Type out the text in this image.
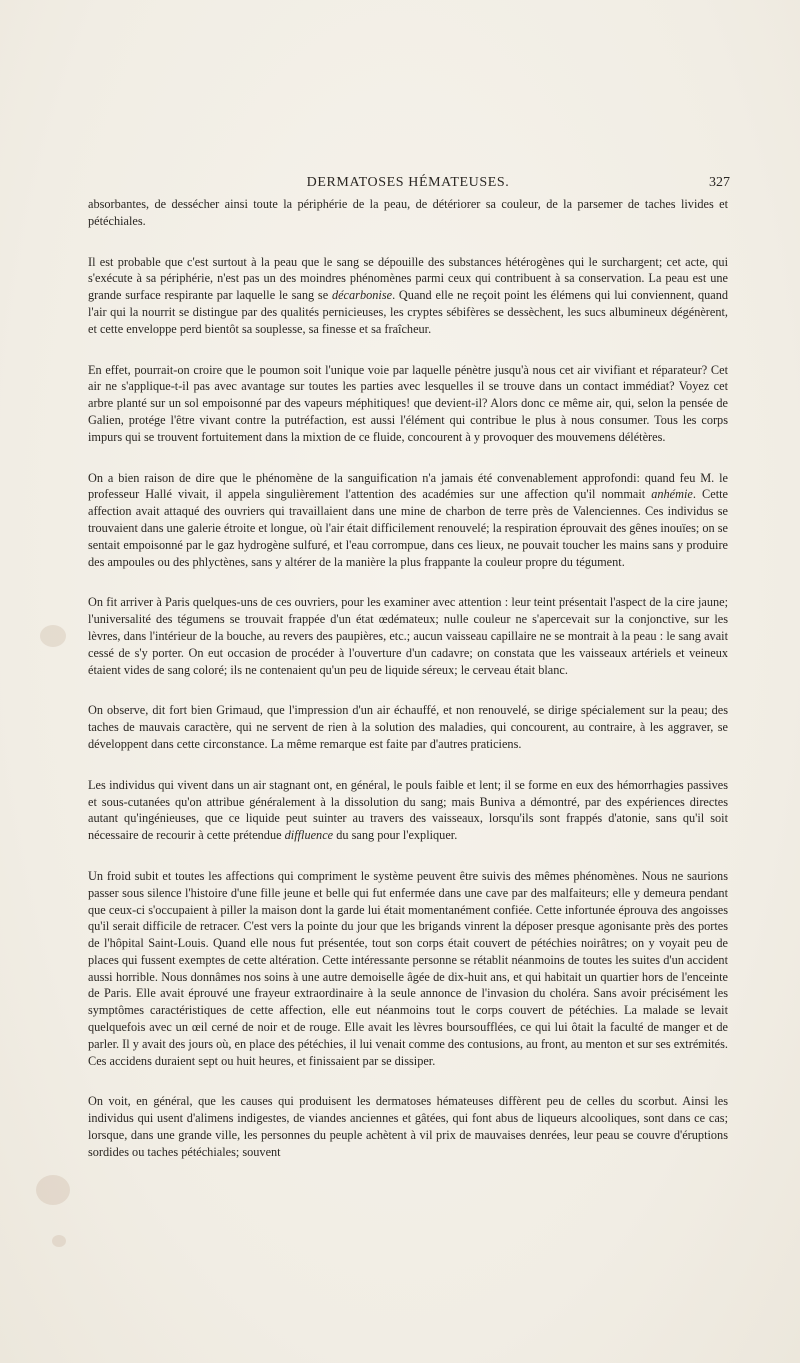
DERMATOSES HÉMATEUSES.	327

absorbantes, de dessécher ainsi toute la périphérie de la peau, de détériorer sa couleur, de la parsemer de taches livides et pétéchiales.

Il est probable que c'est surtout à la peau que le sang se dépouille des substances hétérogènes qui le surchargent; cet acte, qui s'exécute à sa périphérie, n'est pas un des moindres phénomènes parmi ceux qui contribuent à sa conservation. La peau est une grande surface respirante par laquelle le sang se décarbonise. Quand elle ne reçoit point les élémens qui lui conviennent, quand l'air qui la nourrit se distingue par des qualités pernicieuses, les cryptes sébifères se dessèchent, les sucs albumineux dégénèrent, et cette enveloppe perd bientôt sa souplesse, sa finesse et sa fraîcheur.

En effet, pourrait-on croire que le poumon soit l'unique voie par laquelle pénètre jusqu'à nous cet air vivifiant et réparateur? Cet air ne s'applique-t-il pas avec avantage sur toutes les parties avec lesquelles il se trouve dans un contact immédiat? Voyez cet arbre planté sur un sol empoisonné par des vapeurs méphitiques! que devient-il? Alors donc ce même air, qui, selon la pensée de Galien, protége l'être vivant contre la putréfaction, est aussi l'élément qui contribue le plus à nous consumer. Tous les corps impurs qui se trouvent fortuitement dans la mixtion de ce fluide, concourent à y provoquer des mouvemens délétères.

On a bien raison de dire que le phénomène de la sanguification n'a jamais été convenablement approfondi: quand feu M. le professeur Hallé vivait, il appela singulièrement l'attention des académies sur une affection qu'il nommait anhémie. Cette affection avait attaqué des ouvriers qui travaillaient dans une mine de charbon de terre près de Valenciennes. Ces individus se trouvaient dans une galerie étroite et longue, où l'air était difficilement renouvelé; la respiration éprouvait des gênes inouïes; on se sentait empoisonné par le gaz hydrogène sulfuré, et l'eau corrompue, dans ces lieux, ne pouvait toucher les mains sans y produire des ampoules ou des phlyctènes, sans y altérer de la manière la plus frappante la couleur propre du tégument.

On fit arriver à Paris quelques-uns de ces ouvriers, pour les examiner avec attention : leur teint présentait l'aspect de la cire jaune; l'universalité des tégumens se trouvait frappée d'un état œdémateux; nulle couleur ne s'apercevait sur la conjonctive, sur les lèvres, dans l'intérieur de la bouche, au revers des paupières, etc.; aucun vaisseau capillaire ne se montrait à la peau : le sang avait cessé de s'y porter. On eut occasion de procéder à l'ouverture d'un cadavre; on constata que les vaisseaux artériels et veineux étaient vides de sang coloré; ils ne contenaient qu'un peu de liquide séreux; le cerveau était blanc.

On observe, dit fort bien Grimaud, que l'impression d'un air échauffé, et non renouvelé, se dirige spécialement sur la peau; des taches de mauvais caractère, qui ne servent de rien à la solution des maladies, qui concourent, au contraire, à les aggraver, se développent dans cette circonstance. La même remarque est faite par d'autres praticiens.

Les individus qui vivent dans un air stagnant ont, en général, le pouls faible et lent; il se forme en eux des hémorrhagies passives et sous-cutanées qu'on attribue généralement à la dissolution du sang; mais Buniva a démontré, par des expériences directes autant qu'ingénieuses, que ce liquide peut suinter au travers des vaisseaux, lorsqu'ils sont frappés d'atonie, sans qu'il soit nécessaire de recourir à cette prétendue diffluence du sang pour l'expliquer.

Un froid subit et toutes les affections qui compriment le système peuvent être suivis des mêmes phénomènes. Nous ne saurions passer sous silence l'histoire d'une fille jeune et belle qui fut enfermée dans une cave par des malfaiteurs; elle y demeura pendant que ceux-ci s'occupaient à piller la maison dont la garde lui était momentanément confiée. Cette infortunée éprouva des angoisses qu'il serait difficile de retracer. C'est vers la pointe du jour que les brigands vinrent la déposer presque agonisante près des portes de l'hôpital Saint-Louis. Quand elle nous fut présentée, tout son corps était couvert de pétéchies noirâtres; on y voyait peu de places qui fussent exemptes de cette altération. Cette intéressante personne se rétablit néanmoins de toutes les suites d'un accident aussi horrible. Nous donnâmes nos soins à une autre demoiselle âgée de dix-huit ans, et qui habitait un quartier hors de l'enceinte de Paris. Elle avait éprouvé une frayeur extraordinaire à la seule annonce de l'invasion du choléra. Sans avoir précisément les symptômes caractéristiques de cette affection, elle eut néanmoins tout le corps couvert de pétéchies. La malade se levait quelquefois avec un œil cerné de noir et de rouge. Elle avait les lèvres boursoufflées, ce qui lui ôtait la faculté de manger et de parler. Il y avait des jours où, en place des pétéchies, il lui venait comme des contusions, au front, au menton et sur ses extrémités. Ces accidens duraient sept ou huit heures, et finissaient par se dissiper.

On voit, en général, que les causes qui produisent les dermatoses hémateuses diffèrent peu de celles du scorbut. Ainsi les individus qui usent d'alimens indigestes, de viandes anciennes et gâtées, qui font abus de liqueurs alcooliques, sont dans ce cas; lorsque, dans une grande ville, les personnes du peuple achètent à vil prix de mauvaises denrées, leur peau se couvre d'éruptions sordides ou taches pétéchiales; souvent
